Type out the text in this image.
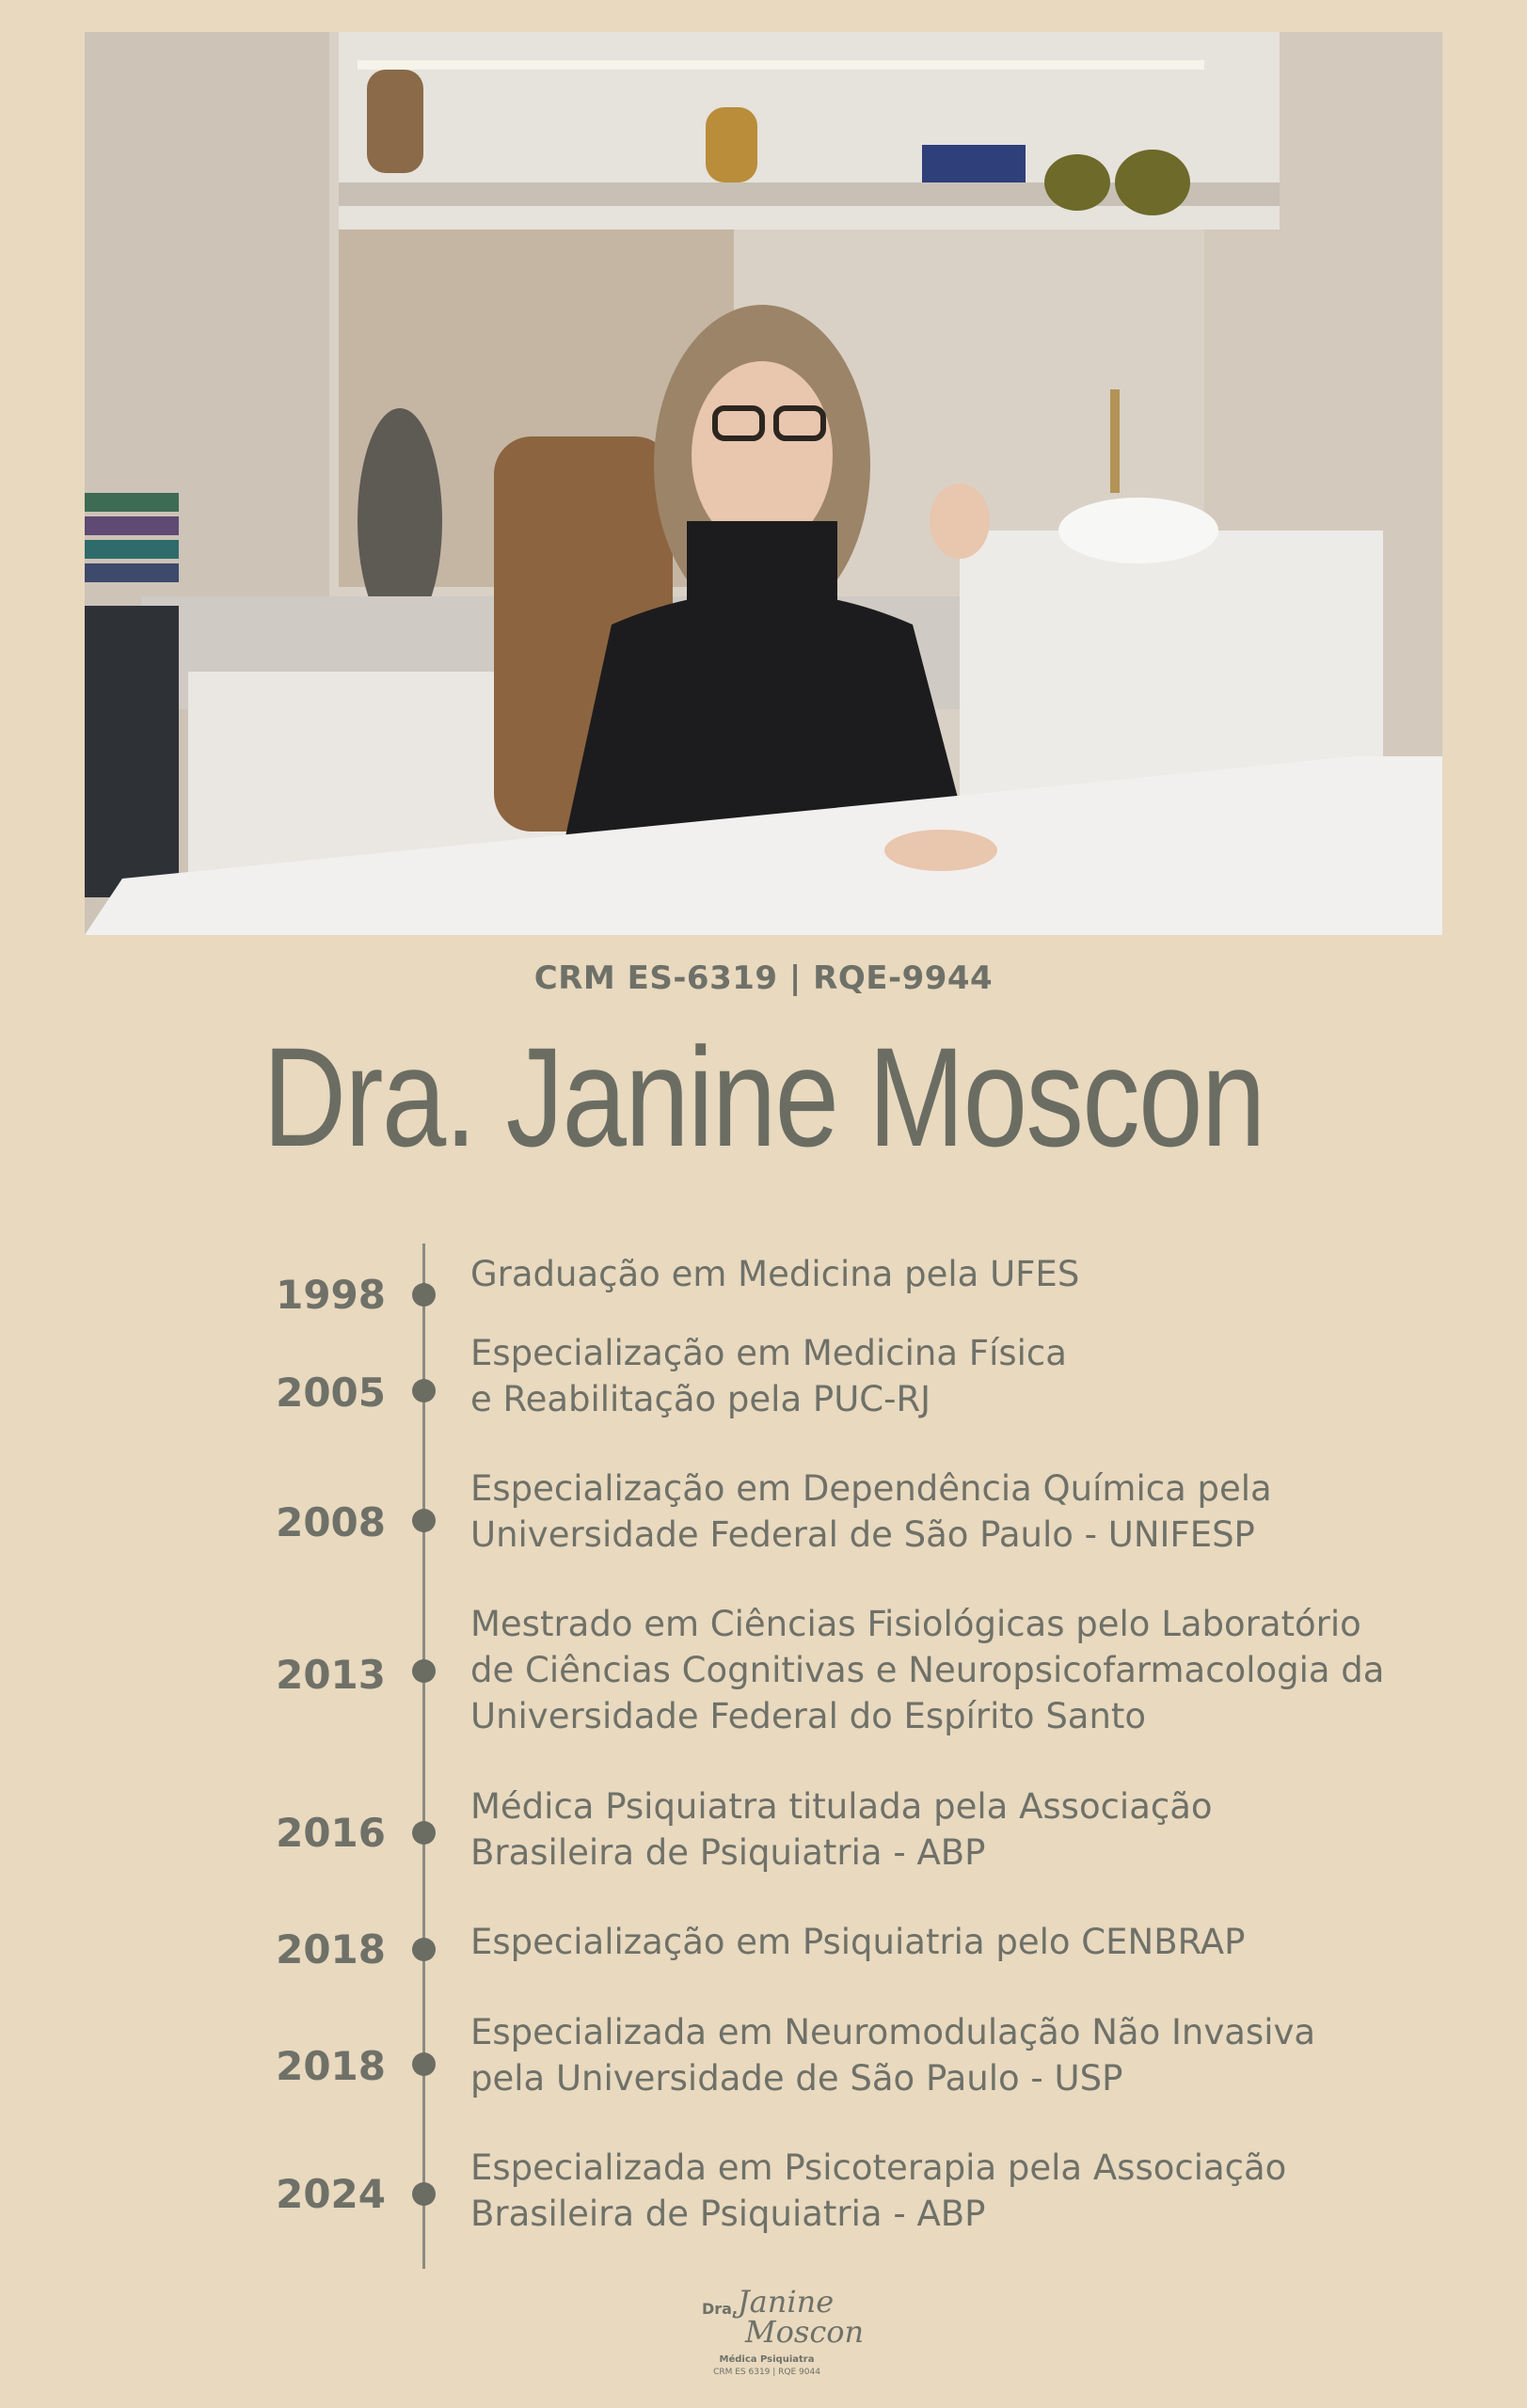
CRM ES-6319 | RQE-9944
Dra. Janine Moscon
1998 Graduação em Medicina pela UFES
2005
Especialização em Medicina Física
e Reabilitação pela PUC-RJ
2008
Especialização em Dependência Química pela
Universidade Federal de São Paulo - UNIFESP
2013
Mestrado em Ciências Fisiológicas pelo Laboratório
de Ciências Cognitivas e Neuropsicofarmacologia da
Universidade Federal do Espírito Santo
2016
Médica Psiquiatra titulada pela Associação
Brasileira de Psiquiatria - ABP
2018 Especialização em Psiquiatria pelo CENBRAP
2018
Especializada em Neuromodulação Não Invasiva
pela Universidade de São Paulo - USP
2024
Especializada em Psicoterapia pela Associação
Brasileira de Psiquiatria - ABP
Janine
Moscon
Dra.
Médica Psiquiatra
CRM ES 6319 | RQE 9044
